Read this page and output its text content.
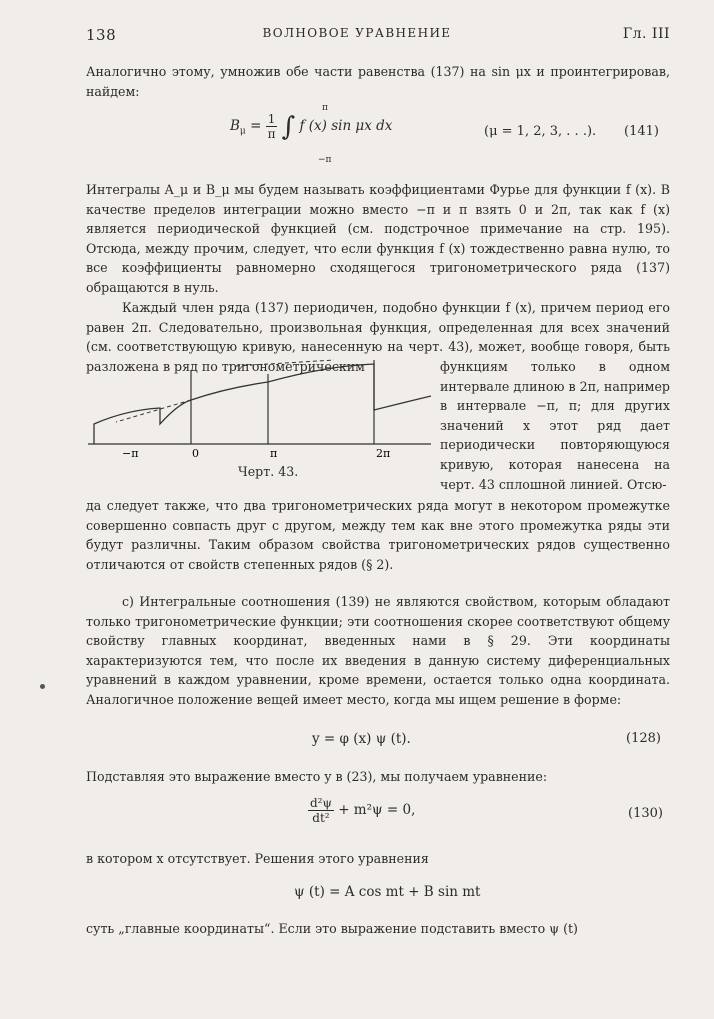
138	ВОЛНОВОЕ УРАВНЕНИЕ	Гл. III

Аналогично этому, умножив обе части равенства (137) на sin μx и проинтегрировав, найдем:

$B_\mu = \frac{1}{\pi}$ ∫ f (x) sin μx dx
π
−π
(μ = 1, 2, 3, . . .). (141)

Интегралы A_μ и B_μ мы будем называть коэффициентами Фурье для функции f (x). В качестве пределов интеграции можно вместо −π и π взять 0 и 2π, так как f (x) является периодической функцией (см. подстрочное примечание на стр. 195). Отсюда, между прочим, следует, что если функция f (x) тождественно равна нулю, то все коэффициенты равномерно сходящегося тригонометрического ряда (137) обращаются в нуль.

Каждый член ряда (137) периодичен, подобно функции f (x), причем период его равен 2π. Следовательно, произвольная функция, определенная для всех значений (см. соответствующую кривую, нанесенную на черт. 43), может, вообще говоря, быть разложена в ряд по тригонометрическим

−π	0	π	2π
Черт. 43.

функциям только в одном интервале длиною в 2π, например в интервале −π, π; для других значений x этот ряд дает периодически повторяющуюся кривую, которая нанесена на черт. 43 сплошной линией. Отсю-

да следует также, что два тригонометрических ряда могут в некотором промежутке совершенно совпасть друг с другом, между тем как вне этого промежутка ряды эти будут различны. Таким образом свойства тригонометрических рядов существенно отличаются от свойств степенных рядов (§ 2).

c) Интегральные соотношения (139) не являются свойством, которым обладают только тригонометрические функции; эти соотношения скорее соответствуют общему свойству главных координат, введенных нами в § 29. Эти координаты характеризуются тем, что после их введения в данную систему диференциальных уравнений в каждом уравнении, кроме времени, остается только одна координата. Аналогичное положение вещей имеет место, когда мы ищем решение в форме:

y = φ (x) ψ (t).	(128)

Подставляя это выражение вместо y в (23), мы получаем уравнение:

$\frac{\text{d²ψ}}{\text{dt²}} + m^2\psi = 0$,	(130)

в котором x отсутствует. Решения этого уравнения

ψ (t) = A cos mt + B sin mt

суть „главные координаты“. Если это выражение подставить вместо ψ (t)
